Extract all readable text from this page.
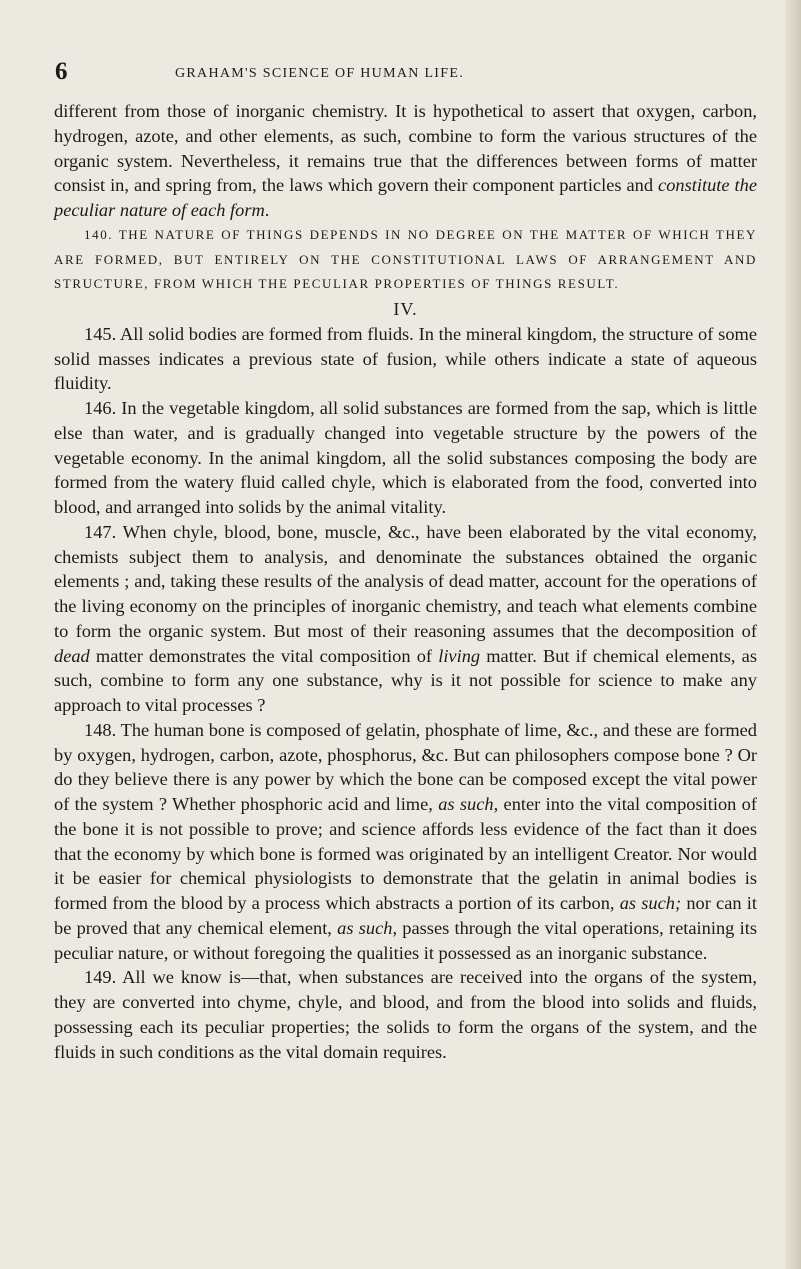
6	GRAHAM'S SCIENCE OF HUMAN LIFE.

different from those of inorganic chemistry. It is hypothetical to assert that oxygen, carbon, hydrogen, azote, and other elements, as such, combine to form the various structures of the organic system. Nevertheless, it remains true that the differences between forms of matter consist in, and spring from, the laws which govern their component particles and constitute the peculiar nature of each form.

140. THE NATURE OF THINGS DEPENDS IN NO DEGREE ON THE MATTER OF WHICH THEY ARE FORMED, BUT ENTIRELY ON THE CONSTITUTIONAL LAWS OF ARRANGEMENT AND STRUCTURE, FROM WHICH THE PECULIAR PROPERTIES OF THINGS RESULT.

IV.

145. All solid bodies are formed from fluids. In the mineral kingdom, the structure of some solid masses indicates a previous state of fusion, while others indicate a state of aqueous fluidity.

146. In the vegetable kingdom, all solid substances are formed from the sap, which is little else than water, and is gradually changed into vegetable structure by the powers of the vegetable economy. In the animal kingdom, all the solid substances composing the body are formed from the watery fluid called chyle, which is elaborated from the food, converted into blood, and arranged into solids by the animal vitality.

147. When chyle, blood, bone, muscle, &c., have been elaborated by the vital economy, chemists subject them to analysis, and denominate the substances obtained the organic elements ; and, taking these results of the analysis of dead matter, account for the operations of the living economy on the principles of inorganic chemistry, and teach what elements combine to form the organic system. But most of their reasoning assumes that the decomposition of dead matter demonstrates the vital composition of living matter. But if chemical elements, as such, combine to form any one substance, why is it not possible for science to make any approach to vital processes ?

148. The human bone is composed of gelatin, phosphate of lime, &c., and these are formed by oxygen, hydrogen, carbon, azote, phosphorus, &c. But can philosophers compose bone ? Or do they believe there is any power by which the bone can be composed except the vital power of the system ? Whether phosphoric acid and lime, as such, enter into the vital composition of the bone it is not possible to prove; and science affords less evidence of the fact than it does that the economy by which bone is formed was originated by an intelligent Creator. Nor would it be easier for chemical physiologists to demonstrate that the gelatin in animal bodies is formed from the blood by a process which abstracts a portion of its carbon, as such; nor can it be proved that any chemical element, as such, passes through the vital operations, retaining its peculiar nature, or without foregoing the qualities it possessed as an inorganic substance.

149. All we know is—that, when substances are received into the organs of the system, they are converted into chyme, chyle, and blood, and from the blood into solids and fluids, possessing each its peculiar properties; the solids to form the organs of the system, and the fluids in such conditions as the vital domain requires.
